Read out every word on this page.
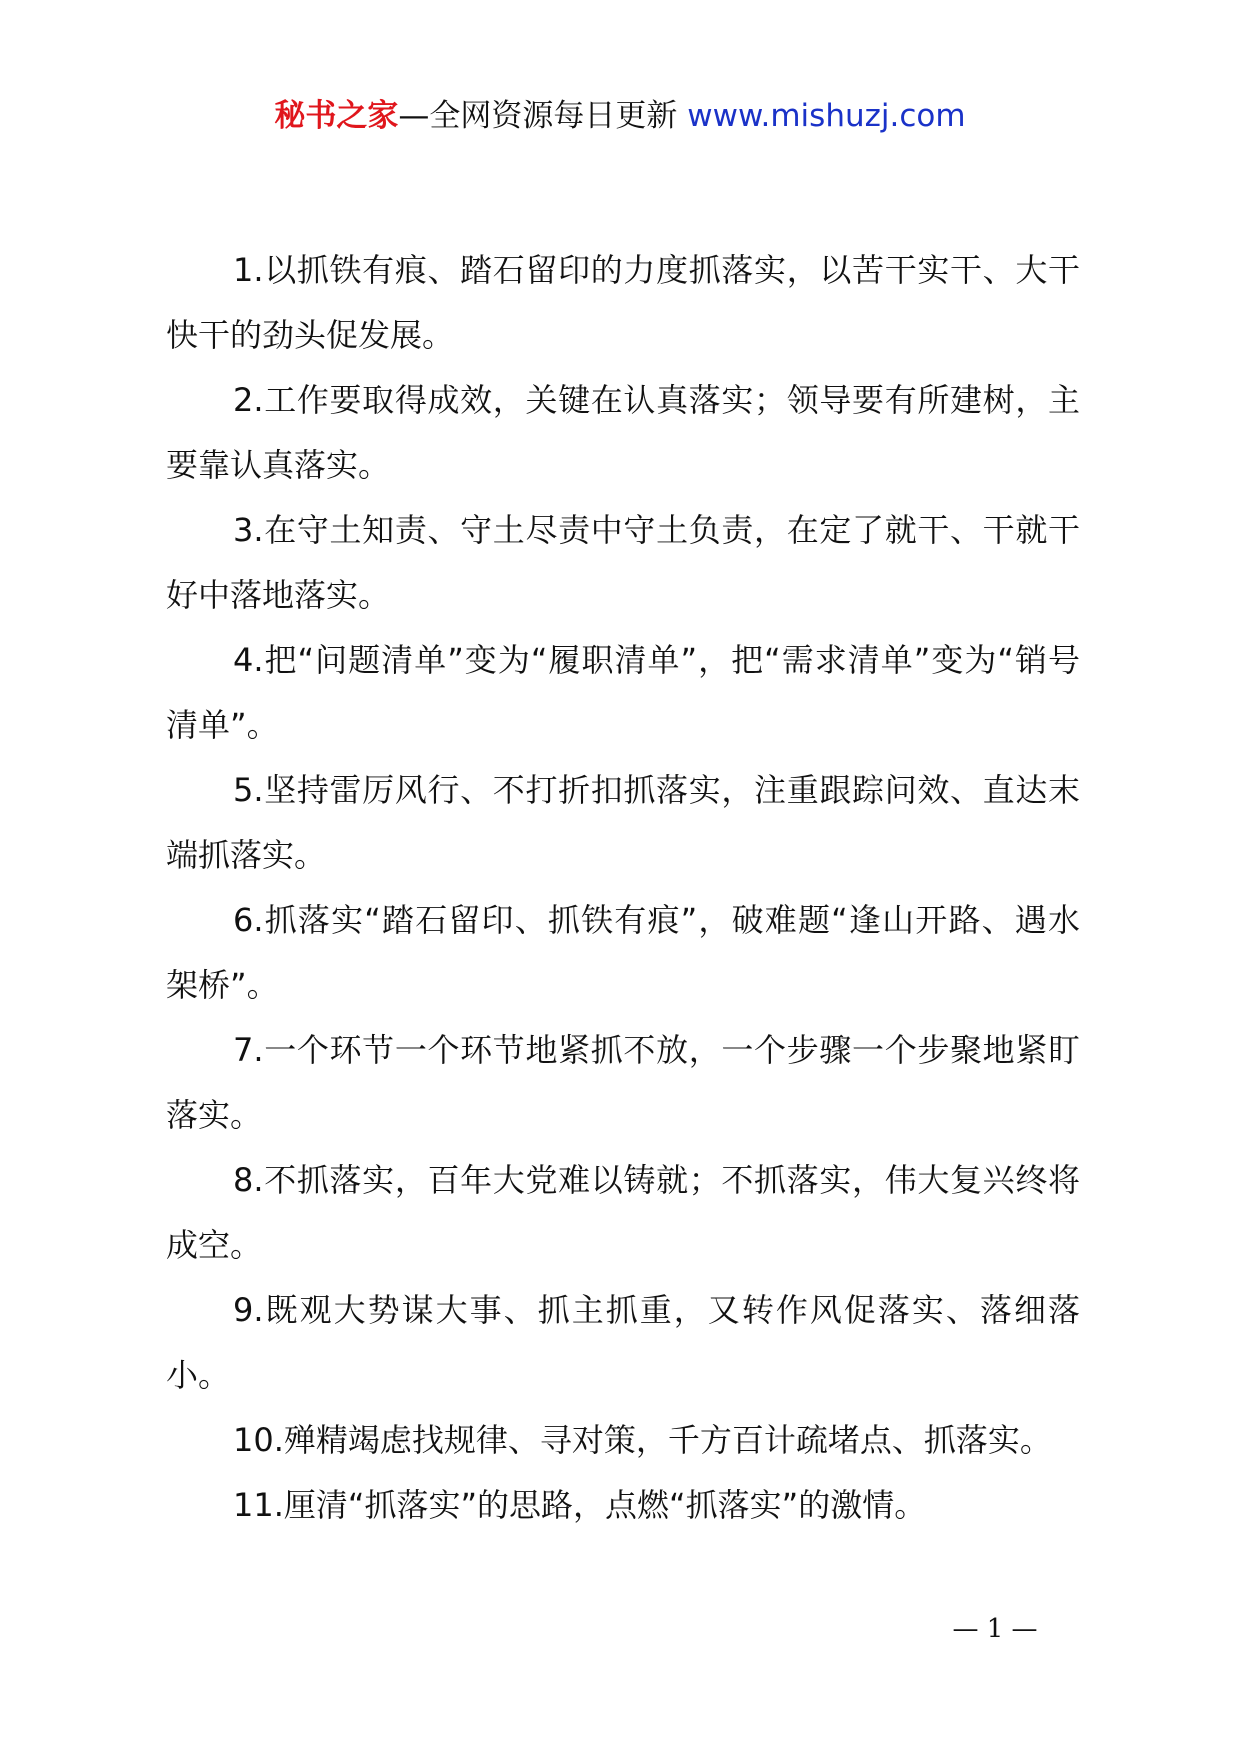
秘书之家—全网资源每日更新 www.mishuzj.com
1.以抓铁有痕、踏石留印的力度抓落实，以苦干实干、大干快干的劲头促发展。
2.工作要取得成效，关键在认真落实；领导要有所建树，主要靠认真落实。
3.在守土知责、守土尽责中守土负责，在定了就干、干就干好中落地落实。
4.把“问题清单”变为“履职清单”，把“需求清单”变为“销号清单”。
5.坚持雷厉风行、不打折扣抓落实，注重跟踪问效、直达末端抓落实。
6.抓落实“踏石留印、抓铁有痕”，破难题“逢山开路、遇水架桥”。
7.一个环节一个环节地紧抓不放，一个步骤一个步聚地紧盯落实。
8.不抓落实，百年大党难以铸就；不抓落实，伟大复兴终将成空。
9.既观大势谋大事、抓主抓重，又转作风促落实、落细落小。
10.殚精竭虑找规律、寻对策，千方百计疏堵点、抓落实。
11.厘清“抓落实”的思路，点燃“抓落实”的激情。
— 1 —
